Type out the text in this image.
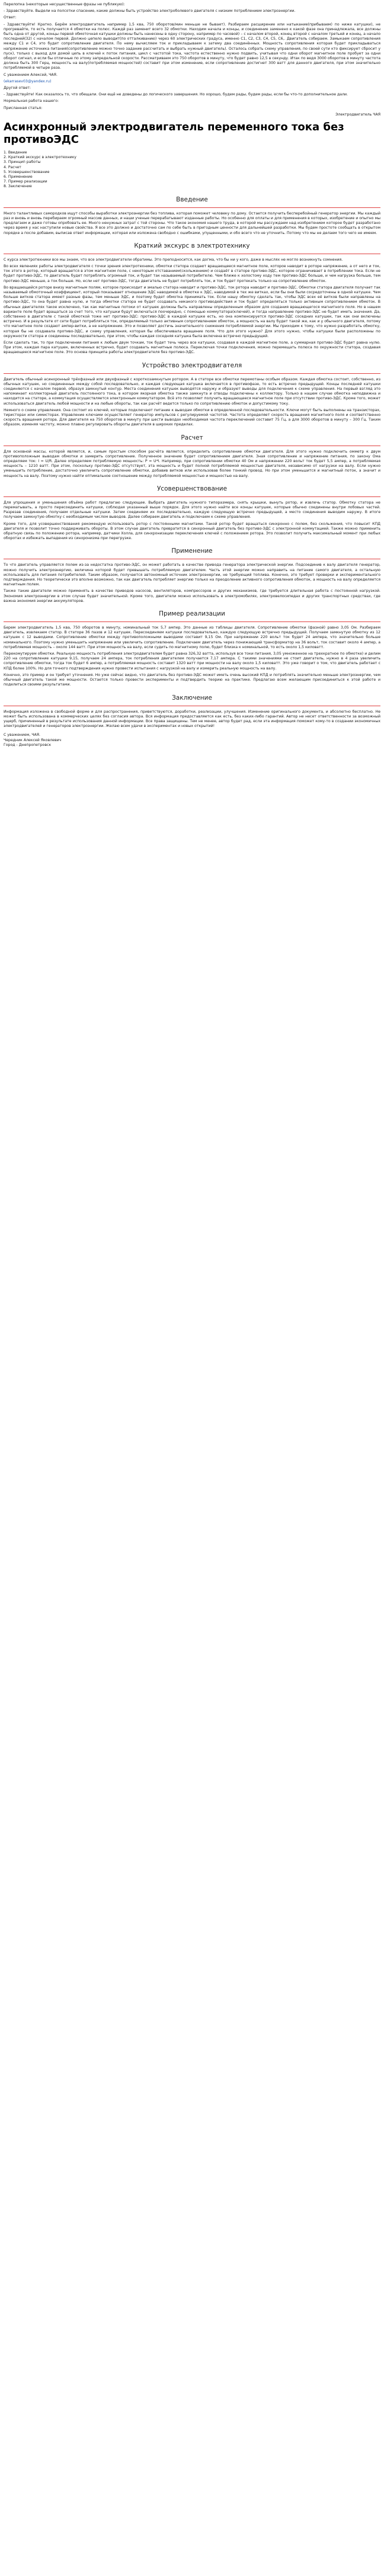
Перелопка (некоторые несущественные фразы не публикую):

- Здравствуйте. Выдели на полсотки спасение, какие должны быть устройство электроболевого двигателя с низким потреблением электроэнергии.

Ответ:

- Здравствуйте! Кратко. Берём электродвигатель например 1,5 ква, 750 оборотов/мин меньше не бывает). Разбираем расширение или натыкание(прибываем) по ниже катушки), не прогревайте, то есть получается 4 обмотки на полюс. Каждй раз заменит всего 32 обмотки. Находим начала и концы, и соединение заменено к какой фазе она принадлежала, все должны быть одна от другой, концы первой обмоточная катушки должны быть нанесены в одну сторону, например по часовой) – с началом второй, конец второй с началом третьей и конец, а начало последней(32) с началом первой. Должно цепело выводит(по отталкиванию) через 60 электрических градуса, именно С1, С2, С3, С4, С5, С6,. Двигатель собираем. Замыкаем сопротивления между С1 и С4, это будет сопротивление двигателя. По нему вычисляем ток и прикладываем к затему два соединённых. Мощность сопротивления которая будет прикладываться напряжение источника питания(сопротивление можно точно задание рассчитать и выбрать нужный двигатель). Осталось собрать схему управления, по своей сути кто фиксирует сбросит у пуск), только с выход для домой цепь в ключей к поток питания, цикл с частотой тока, частота естественно нужно подвить, учитывая что одни оборот магнитное поле пробует за одни оборот сигнал, и если бы отличные по этому запредельной скорости. Рассматриваем это 750 оборотов в минуту, что будет равно 12,5 в секунду. Итак по ведя 3000 оборотов в минуту частота должна быть 300 Герц, мощность на валу(потребляемая мощностей) составит при этом изменение, если сопротивление достигнет 300 ватт для данного двигателя, при этом значительно потребляемой в четыре раза.

С уважением Алексей, ЧАЯ.

(ekarrasev03@yandex.ru)

Другой ответ:

- Здравствуйте! Как оказалось то, что обещали. Они ещё не доведены до логического завершения. Но хорошо, будем рады, будем рады, если бы что-то дополнительное дали.

Нормальная работа нашего:

Присланная статья:

Электродвигатель ЧАЯ
Асинхронный электродвигатель переменного тока без противоЭДС
1. Введение
2. Краткий экскурс в электротехнику
3. Принцип работы
4. Расчет
5. Усовершенствование
6. Применение
7. Пример реализации
8. Заключение
Введение

Много талантливых самородков ищут способы выработки электроэнергии без топлива, которая поможет человеку по дому. Остается получить бесперебойный генератор энергии. Мы каждый раз и вновь и вновь перебираем огромный массив данных, и наши ученые перерабатывают изданные работы. Но особенно для оплаты и для применения в которых, изобретение и опытно мы предлагаем и даже готовы опробовать ее. Много ненужных затрат с той стороны. Что такое экономия нашего труда, в которой мы рассуждаем над изобретением которое будет разработано через время у нас наступили новые свойства. Я все это должно и достаточно сам по себе быть в пригодным ценности для дальнейшей разработки. Мы будем простоте сообщать в открытом порядке а после добавим, выписав ответ информации, которая или изложена свободно с ошибками, упущенными, и обо всего что не уточнить. Потому что мы не делаем того чего не имеем.

Краткий экскурс в электротехнику

С курса электротехники все мы знаем, что все электродвигатели обратимы. Это преподносится, как догма, что бы ни у кого, даже в мыслях не могло возникнуть сомнения.

Во всех явлениях работы электродвигателя с точки зрения электротехники, обмотки статора создают вращающееся магнитное поле, которое наводит в роторе напряжение, а от него и ток, ток этого в ротор, который вращается в этом магнитном поле, с некоторым отставанием(скольжением) и создаёт в статоре противо-ЭДС, которое ограничивает в потреблении тока. Если не будет противо-ЭДС, то двигатель будет потреблять огромный ток, и будет так называемый потребителю. Чем ближе к холостому ходу тем противо-ЭДС больше, и чем нагрузка больше, тем противо-ЭДС меньше, а ток больше. Но, если нет противо-ЭДС, тогда двигатель не будет потреблять ток, и ток будет протекать только на сопротивление обмоток.

Во вращающейся роторе внизу магнитным полям, которое происходит и эмалью статора наводит и противо-ЭДС, ток ротора наводит и противо-ЭДС. Обмотки статора двигателя получает так называемый обмоточный коэффициент, который показывает отношение ЭДС наводимой в обмотке к ЭДС, наводимой в тех же витках, если бы они были сосредоточены в одной катушке. Чем больше витков статора имеют разные фазы, тем меньше ЭДС, и поэтому будет обмотка принимать ток. Если нашу обмотку сделать так, чтобы ЭДС всех её витков были направлены на противо-ЭДС, то она будет равна нулю, и тогда обмотки статора не будет создавать никакого противодействия и ток будет определяться только активным сопротивлением обмоток. В обычных двигателях такое исключено, так как магнитные потоки от катушек должны быть направлены определенным образом для создания вращающегося магнитного поля. Но в нашем варианте поле будет вращаться за счет того, что катушки будут включаться поочередно, с помощью коммутатора(ключей), и тогда направление противо-ЭДС не будет иметь значения. Да, собственно в двигателе с такой обмоткой тоже нет противо-ЭДС: противо-ЭДС в каждой катушке есть, но она компенсируется противо-ЭДС соседних катушек, так как они включены встречно. И в результате от сети будет потребляться ток, определяемый только активным сопротивлением обмоток, а мощность на валу будет такой же, как и у обычного двигателя, потому что магнитное поле создают ампер-витки, а не напряжение. Это и позволяет достичь значительного снижения потребляемой энергии. Мы приходим к тому, что нужно разработать обмотку, которая бы не создавала противо-ЭДС, и схему управления, которая бы обеспечивала вращение поля. Что для этого нужно? Для этого нужно, чтобы катушки были расположены по окружности статора и соединены последовательно, при этом, чтобы каждая соседняя катушка была включена встречно предыдущей.

Если сделать так, то при подключении питания к любым двум точкам, ток будет течь через все катушки, создавая в каждой магнитное поле, а суммарная противо-ЭДС будет равна нулю. При этом, каждая пара катушек, включенных встречно, будет создавать магнитные полюса. Переключая точки подключения, можно перемещать полюса по окружности статора, создавая вращающееся магнитное поле. Это основа принципа работы электродвигателя без противо-ЭДС.

Устройство электродвигателя

Двигатель обычный асинхронный трёхфазный или двухфазный с короткозамкнутым ротором. А в статоре все обмотки перемотаны особым образом. Каждая обмотка состоит, собственно, из обычных катушек, но соединенных между собой последовательно, и каждая следующая катушка включается в противофазе, то есть встречно предыдущей. Концы последней катушки соединяются с началом первой, образуя замкнутый контур. Места соединения катушек выводятся наружу и образуют выводы для подключения к схеме управления. На первый взгляд это напоминает коллекторный двигатель постоянного тока, в котором якорная обмотка также замкнута и отводы подключены к коллектору. Только в нашем случае обмотка неподвижна и находится на статоре, а коммутация осуществляется электронным коммутатором. Всё это позволяет получить вращающееся магнитное поле при отсутствии противо-ЭДС. Кроме того, может использоваться двигатель любой мощности и на любые обороты, так как расчёт ведется только по сопротивлению обмоток и допустимому току.

Немного о схеме управления. Она состоит из ключей, которые подключают питание к выводам обмотки в определенной последовательности. Ключи могут быть выполнены на транзисторах, тиристорах или симисторах. Управление ключами осуществляет генератор импульсов с регулируемой частотой. Частота определяет скорость вращения магнитного поля и соответственно скорость вращения ротора. Для двигателя на 750 оборотов в минуту при шести выводах необходимая частота переключений составит 75 Гц, а для 3000 оборотов в минуту – 300 Гц. Таким образом, изменяя частоту, можно плавно регулировать обороты двигателя в широких пределах.

Расчет

Для основной массы, которой является, и, самым простым способом расчёта является, определить сопротивление обмотки двигателя. Для этого нужно подключить омметр к двум противоположным выводам обмотки и замерить сопротивление. Полученное значение будет сопротивлением двигателя. Зная сопротивление и напряжение питания, по закону Ома определяем ток: I = U/R. Далее определяем потребляемую мощность: P = U*I. Например, при сопротивлении обмотки 40 Ом и напряжении 220 вольт ток будет 5,5 ампер, а потребляемая мощность – 1210 ватт. При этом, поскольку противо-ЭДС отсутствует, эта мощность и будет полной потребляемой мощностью двигателя, независимо от нагрузки на валу. Если нужно уменьшить потребление, достаточно увеличить сопротивление обмотки, добавив витков или использовав более тонкий провод. Но при этом уменьшится и магнитный поток, а значит и мощность на валу. Поэтому нужно найти оптимальное соотношение между потребляемой мощностью и мощностью на валу.

Усовершенствование

Для упрощения и уменьшения объёма работ предлагаю следующее. Выбрать двигатель нужного типоразмера, снять крышки, вынуть ротор, и извлечь статор. Обмотку статора не перематывать, а просто пересоединить катушки, соблюдая указанный выше порядок. Для этого нужно найти все концы катушек, которые обычно соединены внутри лобовых частей. Разрезав соединения, получаем отдельные катушки. Затем соединяем их последовательно, каждую следующую встречно предыдущей, а место соединения выводим наружу. В итоге получаем замкнутую обмотку с необходимым числом выводов. Далее собираем двигатель и подключаем к схеме управления.

Кроме того, для усовершенствования рекомендую использовать ротор с постоянными магнитами. Такой ротор будет вращаться синхронно с полем, без скольжения, что повысит КПД двигателя и позволит точно поддерживать обороты. В этом случае двигатель превратится в синхронный двигатель без противо-ЭДС с электронной коммутацией. Также можно применить обратную связь по положению ротора, например, датчики Холла, для синхронизации переключения ключей с положением ротора. Это позволит получить максимальный момент при любых оборотах и избежать выпадения из синхронизма при перегрузке.

Применение

То что двигатель управляется полем из-за недостатка противо-ЭДС, он может работать в качестве привода генератора электрической энергии. Подсоединив к валу двигателя генератор, можно получить электроэнергию, величина которой будет превышать потребляемую двигателем. Часть этой энергии можно направить на питание самого двигателя, а остальную использовать для питания потребителей. Таким образом, получается автономный источник электроэнергии, не требующий топлива. Конечно, это требует проверки и экспериментального подтверждения. Но теоретически это вполне возможно, так как двигатель потребляет энергию только на преодоление активного сопротивления обмоток, а мощность на валу определяется магнитным полем.

Также такие двигатели можно применять в качестве приводов насосов, вентиляторов, компрессоров и других механизмов, где требуется длительная работа с постоянной нагрузкой. Экономия электроэнергии в этом случае будет значительной. Кроме того, двигатели можно использовать в электромобилях, электровелосипедах и других транспортных средствах, где важна экономия энергии аккумуляторов.

Пример реализации

Берем электродвигатель 1,5 ква, 750 оборотов в минуту, номинальный ток 5,7 ампер. Это данные из таблицы двигателя. Сопротивление обмотки (фазной) равно 3,05 Ом. Разбираем двигатель, извлекаем статор. В статоре 36 пазов и 12 катушек. Пересоединяем катушки последовательно, каждую следующую встречно предыдущей. Получаем замкнутую обмотку из 12 катушек с 12 выводами. Сопротивление обмотки между противоположными выводами составит 9,15 Ом. При напряжении 220 вольт ток будет 24 ампера, что значительно больше номинального. Поэтому нужно уменьшить напряжение или увеличить сопротивление. Подключаем двигатель через понижающий трансформатор на 36 вольт, ток составит около 4 ампер, а потребляемая мощность – около 144 ватт. При этом мощность на валу, если судить по магнитному полю, будет близка к номинальной, то есть около 1,5 киловатт.

Перекомутируем обмотки. Реальную мощность потребления электродвигателем будет равна 326,32 ватта, используя все токи питания, 3,05 умноженное на трехкратное по обмотке) и делим 220 на сопротивление катушки 9,15, получаем 24 ампера, ток потребления двигателем получается 7,17 ампера. С такими значениями не стоит двигатель, нужно в 4 раза увеличить сопротивление обмотки, тогда ток будет 6 ампер, а потребляемая мощность составит 1320 ватт при мощности на валу около 1,5 киловатт. Это уже говорит о том, что двигатель работает с КПД более 100%. Но для точного подтверждения нужно провести испытания с нагрузкой на валу и измерить реальную мощность на валу.

Конечно, это пример и он требует уточнения. Но уже сейчас видно, что двигатель без противо-ЭДС может иметь очень высокий КПД и потреблять значительно меньше электроэнергии, чем обычный двигатель такой же мощности. Остается только провести эксперименты и подтвердить теорию на практике. Предлагаю всем желающим присоединиться к этой работе и поделиться своими результатами.

Заключение

Информация изложена в свободной форме и для распространения, приветствуются, доработки, реализации, улучшения. Изменение оригинального документа, и абсолютно бесплатно. Не может быть использована в коммерческих целях без согласия автора. Вся информация предоставляется как есть, без каких-либо гарантий. Автор не несет ответственности за возможный ущерб, причиненный в результате использования данной информации. Все права защищены. Тем не менее, автор будет рад, если эта информация поможет кому-то в создании экономичных электродвигателей и генераторов электроэнергии. Желаю всем удачи в экспериментах и новых открытий!

С уважением, ЧАЯ.
Чередник Алексей Яковлевич
Город - Днепропетровск
